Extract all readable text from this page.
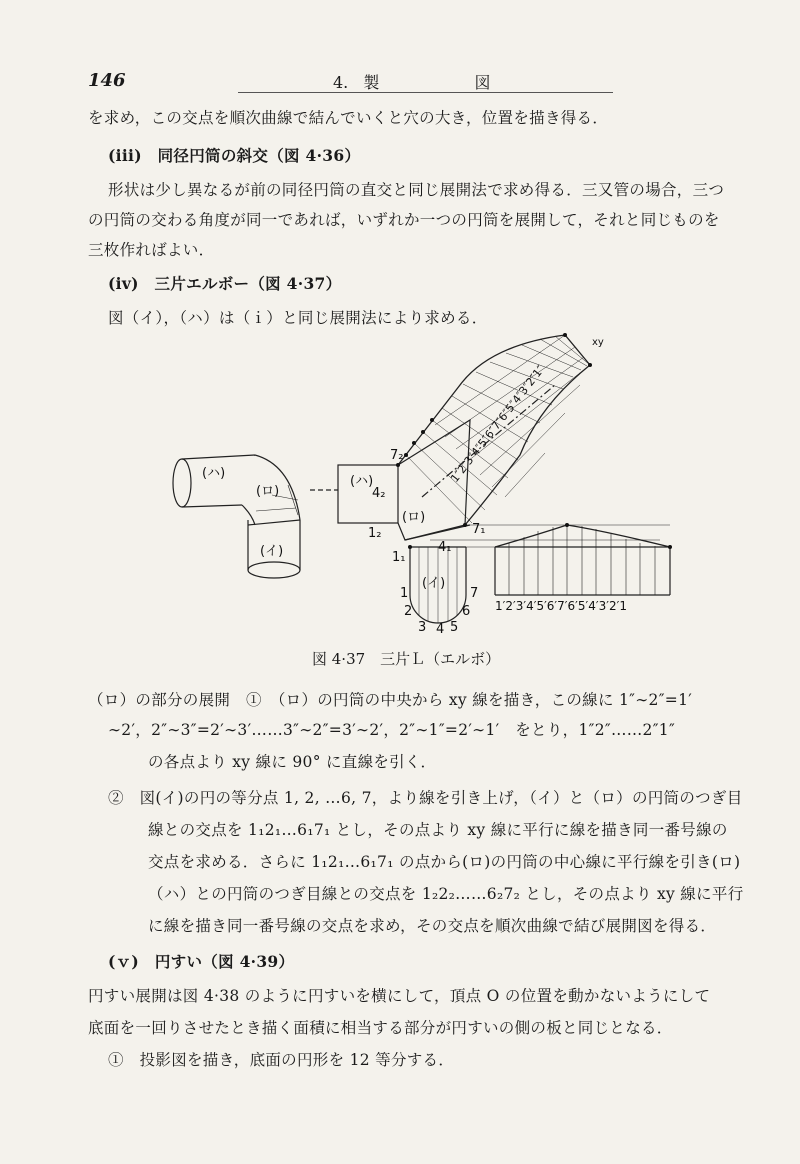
146	4. 製	図
を求め，この交点を順次曲線で結んでいくと穴の大き，位置を描き得る．
(iii)　同径円筒の斜交（図 4·36）
形状は少し異なるが前の同径円筒の直交と同じ展開法で求め得る．三又管の場合，三つ
の円筒の交わる角度が同一であれば，いずれか一つの円筒を展開して，それと同じものを
三枚作ればよい．
(iv)　三片エルボー（図 4·37）
図（イ），（ハ）は（ｉ）と同じ展開法により求める．
(ハ)
(ロ)
(イ)
(ハ)
(ロ)
(イ)
7₂
4₂
1₂	7₁
4₁
1₁
1
2
3 4 5
6
7
1′2′3′4′5′6′7′6′5′4′3′2′1
1″2″3″4″5″6″7″6″5″4″3″2″1″
xy
図 4·37　三片Ｌ（エルボ）
（ロ）の部分の展開　①　（ロ）の円筒の中央から xy 線を描き，この線に 1″∼2″=1′
∼2′，2″∼3″=2′∼3′……3″∼2″=3′∼2′，2″∼1″=2′∼1′　をとり，1″2″……2″1″
の各点より xy 線に 90° に直線を引く．
②　図(イ)の円の等分点 1, 2, …6, 7，より線を引き上げ，（イ）と（ロ）の円筒のつぎ目
線との交点を 1₁2₁…6₁7₁ とし，その点より xy 線に平行に線を描き同一番号線の
交点を求める．さらに 1₁2₁…6₁7₁ の点から(ロ)の円筒の中心線に平行線を引き(ロ)
（ハ）との円筒のつぎ目線との交点を 1₂2₂……6₂7₂ とし，その点より xy 線に平行
に線を描き同一番号線の交点を求め，その交点を順次曲線で結び展開図を得る．
(ｖ)　円すい（図 4·39）
円すい展開は図 4·38 のように円すいを横にして，頂点 O の位置を動かないようにして
底面を一回りさせたとき描く面積に相当する部分が円すいの側の板と同じとなる．
①　投影図を描き，底面の円形を 12 等分する．
